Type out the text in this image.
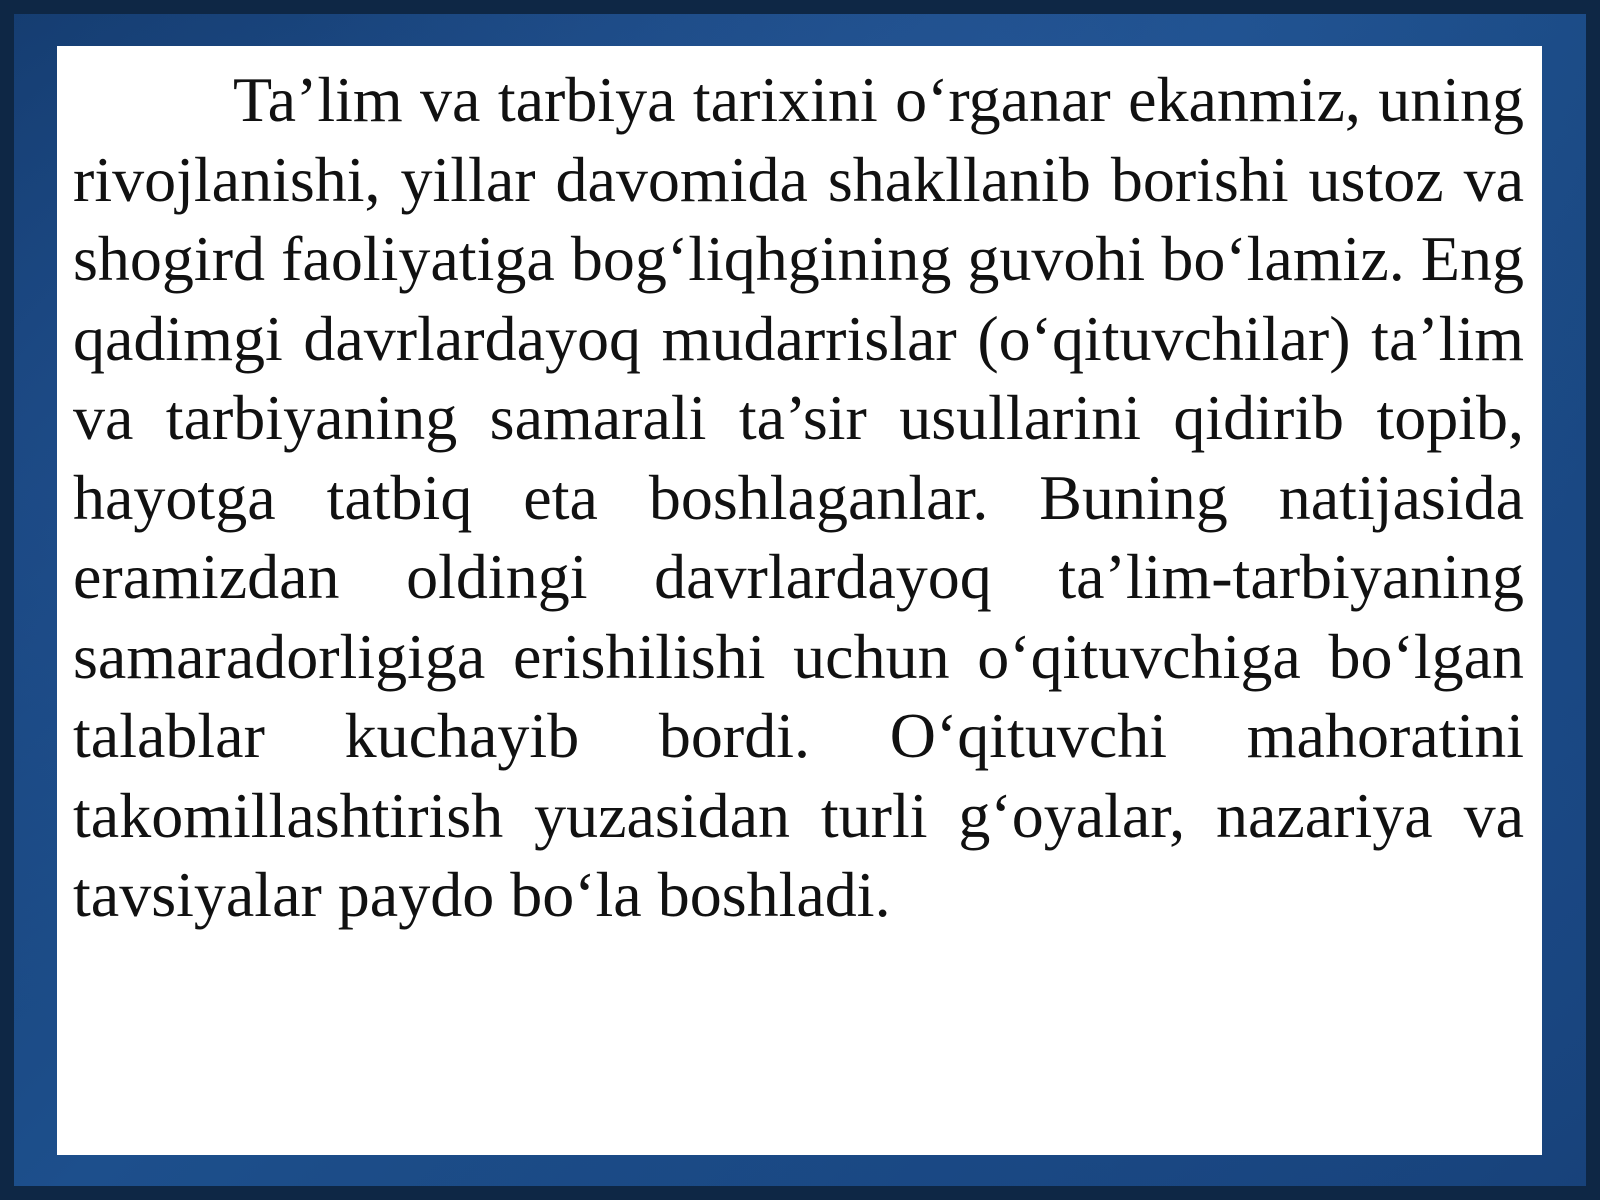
Ta’lim va tarbiya tarixini o‘rganar ekanmiz, uning rivojlanishi, yillar davomida shakllanib borishi ustoz va shogird faoliyatiga bog‘liqhgining guvohi bo‘lamiz. Eng qadimgi davrlardayoq mudarrislar (o‘qituvchilar) ta’lim va tarbiyaning samarali ta’sir usullarini qidirib topib, hayotga tatbiq eta boshlaganlar. Buning natijasida eramizdan oldingi davrlardayoq ta’lim-tarbiyaning samaradorligiga erishilishi uchun o‘qituvchiga bo‘lgan talablar kuchayib bordi. O‘qituvchi mahoratini takomillashtirish yuzasidan turli g‘oyalar, nazariya va tavsiyalar paydo bo‘la boshladi.
